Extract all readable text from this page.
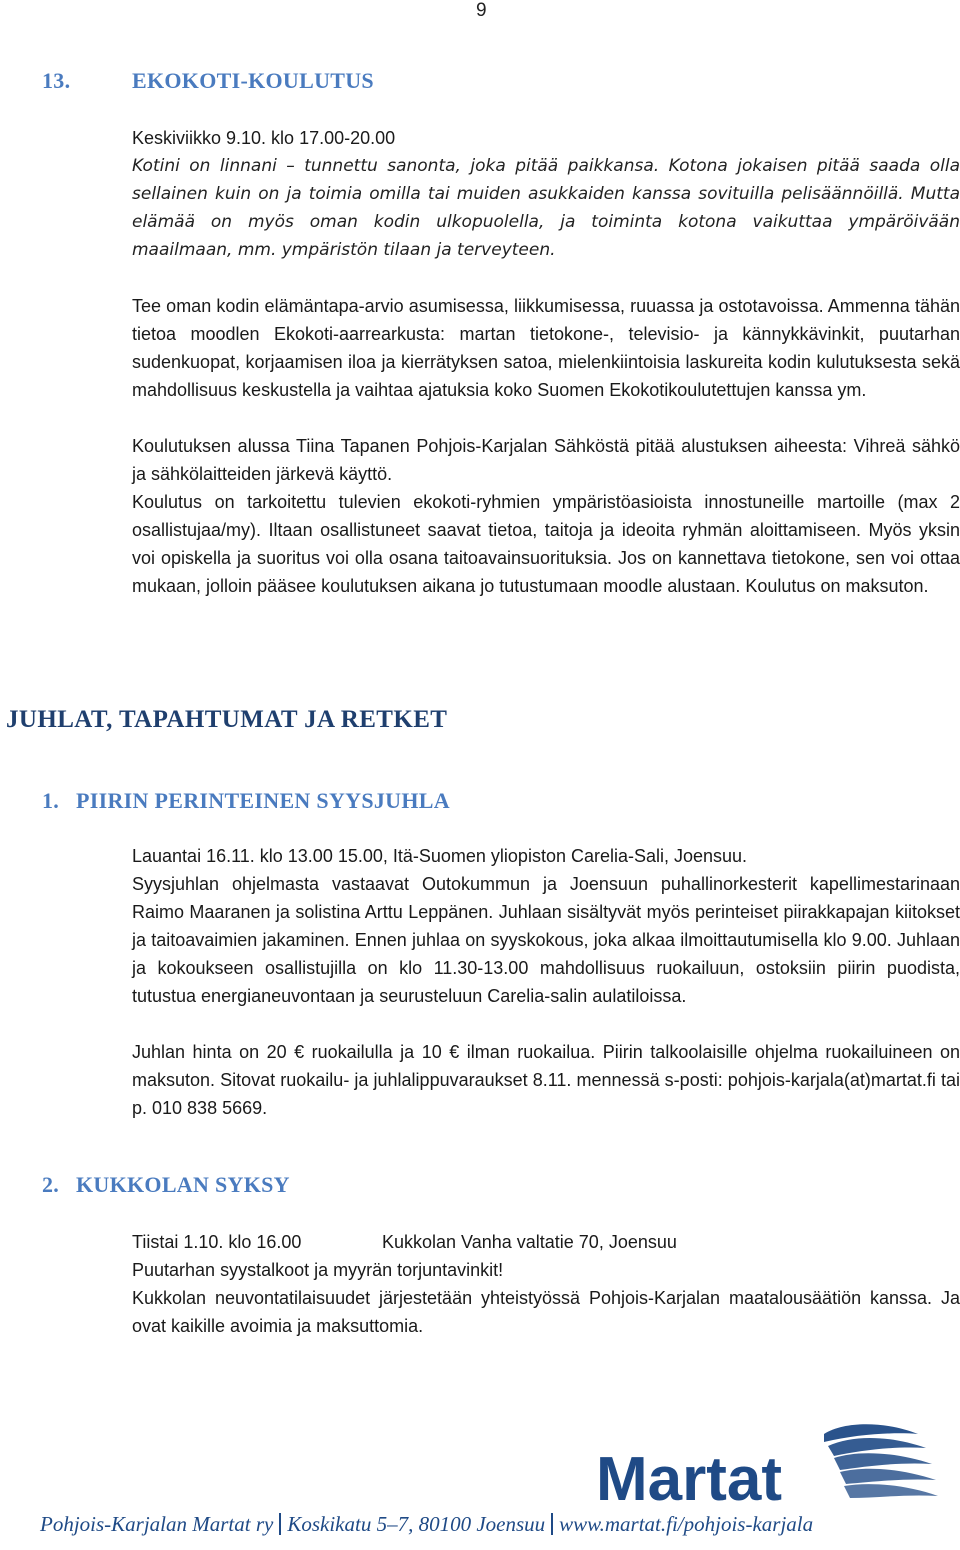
9
13.	EKOKOTI-KOULUTUS

Keskiviikko 9.10. klo 17.00-20.00

Kotini on linnani – tunnettu sanonta, joka pitää paikkansa. Kotona jokaisen pitää saada olla sellainen kuin on ja toimia omilla tai muiden asukkaiden kanssa sovituilla pelisäännöillä. Mutta elämää on myös oman kodin ulkopuolella, ja toiminta kotona vaikuttaa ympäröivään maailmaan, mm. ympäristön tilaan ja terveyteen.

Tee oman kodin elämäntapa-arvio asumisessa, liikkumisessa, ruuassa ja ostotavoissa. Ammenna tähän tietoa moodlen Ekokoti-aarrearkusta: martan tietokone-, televisio- ja kännykkävinkit, puutarhan sudenkuopat, korjaamisen iloa ja kierrätyksen satoa, mielenkiintoisia laskureita kodin kulutuksesta sekä mahdollisuus keskustella ja vaihtaa ajatuksia koko Suomen Ekokotikoulutettujen kanssa ym.

Koulutuksen alussa Tiina Tapanen Pohjois-Karjalan Sähköstä pitää alustuksen aiheesta: Vihreä sähkö ja sähkölaitteiden järkevä käyttö.

Koulutus on tarkoitettu tulevien ekokoti-ryhmien ympäristöasioista innostuneille martoille (max 2 osallistujaa/my). Iltaan osallistuneet saavat tietoa, taitoja ja ideoita ryhmän aloittamiseen. Myös yksin voi opiskella ja suoritus voi olla osana taitoavainsuorituksia. Jos on kannettava tietokone, sen voi ottaa mukaan, jolloin pääsee koulutuksen aikana jo tutustumaan moodle alustaan. Koulutus on maksuton.

JUHLAT, TAPAHTUMAT JA RETKET
1. PIIRIN PERINTEINEN SYYSJUHLA

Lauantai 16.11. klo 13.00 15.00, Itä-Suomen yliopiston Carelia-Sali, Joensuu.

Syysjuhlan ohjelmasta vastaavat Outokummun ja Joensuun puhallinorkesterit kapellimestarinaan Raimo Maaranen ja solistina Arttu Leppänen. Juhlaan sisältyvät myös perinteiset piirakkapajan kiitokset ja taitoavaimien jakaminen. Ennen juhlaa on syyskokous, joka alkaa ilmoittautumisella klo 9.00. Juhlaan ja kokoukseen osallistujilla on klo 11.30-13.00 mahdollisuus ruokailuun, ostoksiin piirin puodista, tutustua energianeuvontaan ja seurusteluun Carelia-salin aulatiloissa.

Juhlan hinta on 20 € ruokailulla ja 10 € ilman ruokailua. Piirin talkoolaisille ohjelma ruokailuineen on maksuton. Sitovat ruokailu- ja juhlalippuvaraukset 8.11. mennessä s-posti: pohjois-karjala(at)martat.fi tai p. 010 838 5669.

2. KUKKOLAN SYKSY
Tiistai 1.10. klo 16.00	Kukkolan Vanha valtatie 70, Joensuu

Puutarhan syystalkoot ja myyrän torjuntavinkit!

Kukkolan neuvontatilaisuudet järjestetään yhteistyössä Pohjois-Karjalan maatalousäätiön kanssa. Ja ovat kaikille avoimia ja maksuttomia.

Martat
Pohjois-Karjalan Martat ry Koskikatu 5–7, 80100 Joensuu www.martat.fi/pohjois-karjala
